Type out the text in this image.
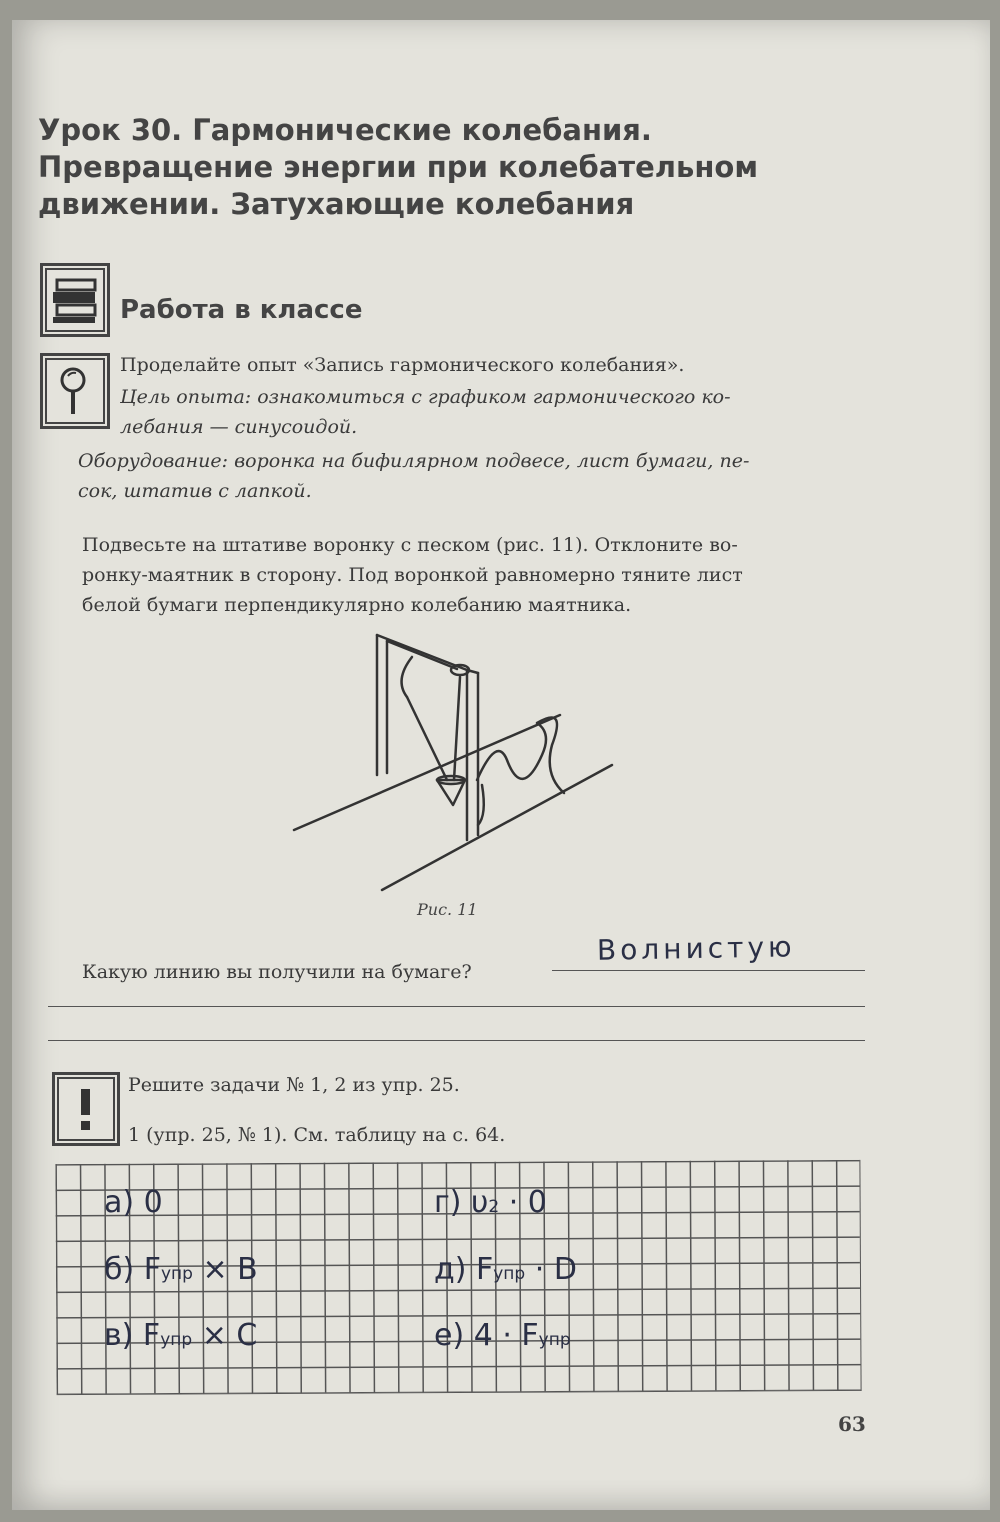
Урок 30. Гармонические колебания.
Превращение энергии при колебательном
движении. Затухающие колебания
Работа в классе
Проделайте опыт «Запись гармонического колебания».
Цель опыта: ознакомиться с графиком гармонического ко-
лебания — синусоидой.
Оборудование: воронка на бифилярном подвесе, лист бумаги, пе-
сок, штатив с лапкой.
Подвесьте на штативе воронку с песком (рис. 11). Отклоните во-
ронку-маятник в сторону. Под воронкой равномерно тяните лист
белой бумаги перпендикулярно колебанию маятника.
Рис. 11
Какую линию вы получили на бумаге?
Волнистую
Решите задачи № 1, 2 из упр. 25.
1 (упр. 25, № 1). См. таблицу на с. 64.
а) 0
б) Fупр × B
в) Fупр × C
г) υ2 · 0
д) Fупр · D
е) 4 · Fупр
63
